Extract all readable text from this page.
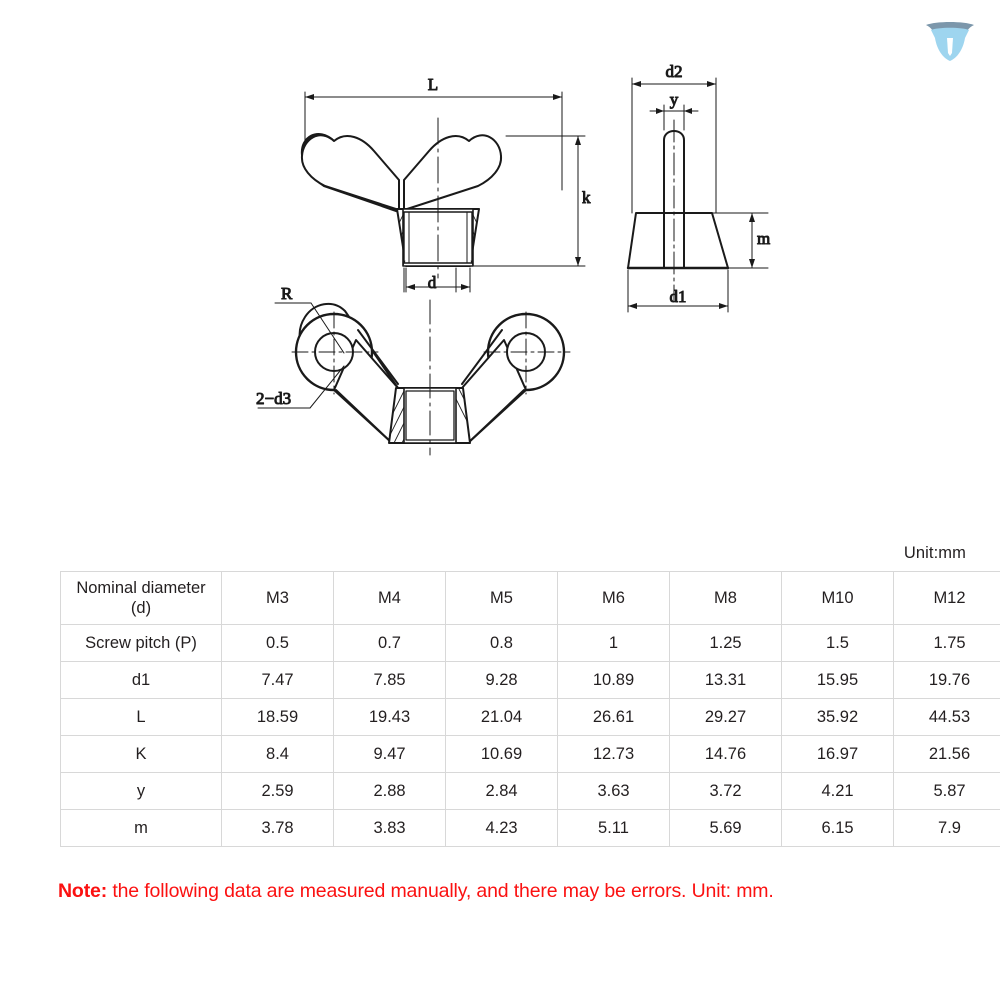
L
k
d
d2
y
m
d1
R
2−d3
Unit:mm
Nominal diameter
(d)	M3	M4	M5	M6	M8	M10	M12
Screw pitch (P)	0.5	0.7	0.8	1	1.25	1.5	1.75
d1	7.47	7.85	9.28	10.89	13.31	15.95	19.76
L	18.59	19.43	21.04	26.61	29.27	35.92	44.53
K	8.4	9.47	10.69	12.73	14.76	16.97	21.56
y	2.59	2.88	2.84	3.63	3.72	4.21	5.87
m	3.78	3.83	4.23	5.11	5.69	6.15	7.9
Note: the following data are measured manually, and there may be errors. Unit: mm.
